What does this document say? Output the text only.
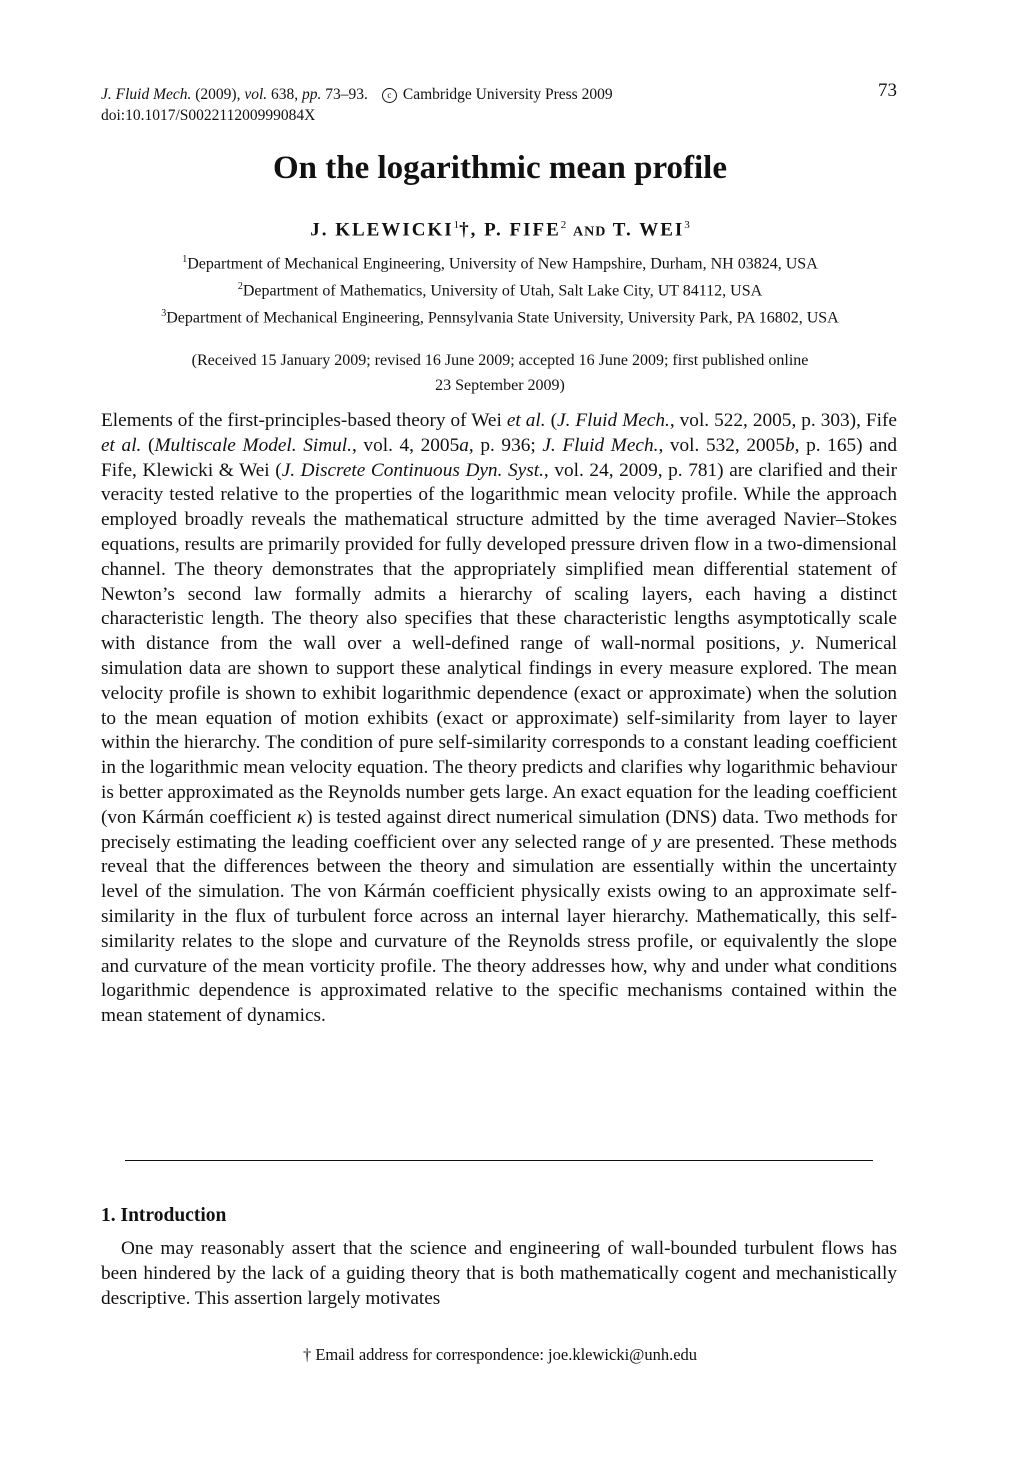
J. Fluid Mech. (2009), vol. 638, pp. 73–93. c Cambridge University Press 2009
doi:10.1017/S002211200999084X
73
On the logarithmic mean profile
J. KLEWICKI$^1$†, P. FIFE$^2$ AND T. WEI$^3$
$^1$Department of Mechanical Engineering, University of New Hampshire, Durham, NH 03824, USA
$^2$Department of Mathematics, University of Utah, Salt Lake City, UT 84112, USA
$^3$Department of Mechanical Engineering, Pennsylvania State University, University Park, PA 16802, USA
(Received 15 January 2009; revised 16 June 2009; accepted 16 June 2009; first published online
23 September 2009)
Elements of the first-principles-based theory of Wei et al. (J. Fluid Mech., vol. 522, 2005, p. 303), Fife et al. (Multiscale Model. Simul., vol. 4, 2005a, p. 936; J. Fluid Mech., vol. 532, 2005b, p. 165) and Fife, Klewicki & Wei (J. Discrete Continuous Dyn. Syst., vol. 24, 2009, p. 781) are clarified and their veracity tested relative to the properties of the logarithmic mean velocity profile. While the approach employed broadly reveals the mathematical structure admitted by the time averaged Navier–Stokes equations, results are primarily provided for fully developed pressure driven flow in a two-dimensional channel. The theory demonstrates that the appropriately simplified mean differential statement of Newton’s second law formally admits a hierarchy of scaling layers, each having a distinct characteristic length. The theory also specifies that these characteristic lengths asymptotically scale with distance from the wall over a well-defined range of wall-normal positions, y. Numerical simulation data are shown to support these analytical findings in every measure explored. The mean velocity profile is shown to exhibit logarithmic dependence (exact or approximate) when the solution to the mean equation of motion exhibits (exact or approximate) self-similarity from layer to layer within the hierarchy. The condition of pure self-similarity corresponds to a constant leading coefficient in the logarithmic mean velocity equation. The theory predicts and clarifies why logarithmic behaviour is better approximated as the Reynolds number gets large. An exact equation for the leading coefficient (von Kármán coefficient κ) is tested against direct numerical simulation (DNS) data. Two methods for precisely estimating the leading coefficient over any selected range of y are presented. These methods reveal that the differences between the theory and simulation are essentially within the uncertainty level of the simulation. The von Kármán coefficient physically exists owing to an approximate self-similarity in the flux of turbulent force across an internal layer hierarchy. Mathematically, this self-similarity relates to the slope and curvature of the Reynolds stress profile, or equivalently the slope and curvature of the mean vorticity profile. The theory addresses how, why and under what conditions logarithmic dependence is approximated relative to the specific mechanisms contained within the mean statement of dynamics.
1. Introduction
One may reasonably assert that the science and engineering of wall-bounded turbulent flows has been hindered by the lack of a guiding theory that is both mathematically cogent and mechanistically descriptive. This assertion largely motivates
† Email address for correspondence: joe.klewicki@unh.edu
